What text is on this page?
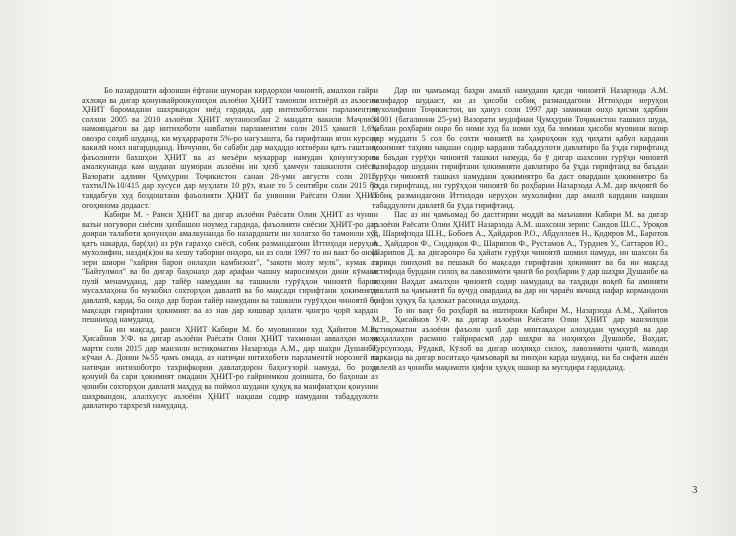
Бо назардошти афзоиши ёфтани шумораи кирдорхои чиноятй, амалхои ғайри ахлоқи ва дигар қонунвайронкуниҳои аъзоёни ҲНИТ тамоюли ихтиёрӣ аз аъзогии ҲНИТ баромадани шахрвандон зиёд гардида, дар интихоботхои парламентии солхои 2005 ва 2010 аъзоёни ҲНИТ мутаносибан 2 мандати вакили Маҷлиси намояндагон ва дар интихоботи навбатии парламентии соли 2015 ҳамагӣ 1,6% овозро соҳиб шуданд, ки муҳаррарoти 5%-ро нагузашта, ба гирифтани ягон курсии вакилӣ ноил нагардиданд. Инчунин, бо сабаби дар маҳаддо ихтиёран қатъ гаштани фаъолияти бахшҳои ҲНИТ ва аз меъёри мукаррар намудан қонунгузории амалкунанда кам шудани шумораи аъзоёни ин ҳизб ҳамчун ташкилоти сиёсӣ, Вазорати адлияи Ҷумҳурии Тоҷикистон санаи 28-уми августи соли 2015, тахтиЛ№10/415 дар хусуси дар муҳлати 10 рӯз, яъне то 5 сентябри соли 2015 бо тавдабгуи худ боздоштани фаъолияти ҲНИТ ба унвонии Раёсати Олии ҲНИТ огоҳинома додааст.

Кабири М. - Раиси ҲНИТ ва дигар аъзоёни Раёсати Олии ҲНИТ аз чунин вазъи ногувори сиёсии ҳизбашон ноумед гардида, фаъолияти сиёсии ҲНИТ-ро дар доираи талаботи қонунҳои амалкунанда бо назардошти ин холатхо бо тамоюли худ қатъ накарда, бар(ҳи) аз рӯи ғаразҳо сиёсӣ, собик размандагони Иттиҳоди неруҳои мухолифин, назди(к)он ва хешу табории онҳоро, ки аз соли 1997 то ин вакт бо онҳо зери шиори "хайрия барои онлаҳои камбизоат", "закоти молу мулк", кумак аз "Байтулмол" ва бо дигар баҳонаҳо дар арафаи чашну маросимҳои дини кӯмаки пулй менамуданд, дар тайёр намудани ва ташкили гурӯҳҳои чиноятӣ барои мусаллаҳона бо мукобил сохторҳои давлатӣ ва бо мақсади гирифтани ҳокимияти давлатӣ, карда, бо онҳо дар бораи тайёр намудани ва ташкили гурӯҳҳои чиноятӣ бо мақсади гирифтани ҳокимият ва аз нав дар кишвар ҳолати ҷангро ҷорӣ кардан пешниҳод намуданд.

Ба ин мақсад, раиси ҲНИТ Кабири М. бо муовинони худ Ҳайитов М.Р., Ҳисайнов У.Ф. ва дигар аъзоёни Раёсати Олии ҲНИТ тахминан аввалҳои моҳи марти соли 2015 дар манзилн истиқоматии Назарзода А.М., дар шаҳри Душанбе, кӯчаи А. Донии №55 ҷамъ омада, аз натиҷаи интихоботи парламентй норозигй ва натиҷаи интихоботро тахрифкории давлатдорон баҳогузорй намуда, бо роҳи қонунй ба сари ҳокимият омадани ҲНИТ-ро ғайриимкон доништа, бо баҳонаи аз ҷониби сохторҳои давлатӣ маҳдуд ва поймол шудани ҳуқуқ ва манфиатҳои қонунии шаҳрвандон, алалхусус аъзоёни ҲНИТ нақшаи содир намудани табаддулоти давлатиро тархрезӣ намуданд.

Дар ин ҷамъомад баҳри амалй намудани қасди чиноятй Назарзода А.М. вазифадор шудааст, ки аз ҳисоби собиқ размандагони Иттиҳоди неруҳои мухолифини Тоҷикистон, ки ҳануз соли 1997 дар замимаи онҳо қисми ҳарбии 31001 (баталиони 25-ум) Вазорати мудофиаи Ҷумҳурии Тоҷикистон ташкил шуда, ҳаблан роҳбарии онро бо номи худ ба номи худ ба зиммаи ҳисоби муовини вазир дар муддати 5 сол бо сохти чиноятӣ ва ҳамроҳони худ ҷиҳати қабул кардани ҳокимият таҳияи нақшаи содир кардани табаддулоти давлатиро ба ӯҳда гирифтанд ва баъдан гурӯҳи чиноятӣ ташкил намуда, ба ӯ дигар шахсони гурӯҳи чиноятӣ вазифадор шудани гирифтани ҳокимияти давлатиро ба ӯҳда гирифтанд ва баъдан гурӯҳи чиноятӣ ташкил намудани ҳокимиятро ба даст овардани ҳокимиятро ба ӯҳда гирифтанд, ин гурӯҳҳои чиноятӣ бо роҳбарии Назарзода А.М. дар якҷоягӣ бо собиқ размандагони Иттиҳоди неруҳои мухолифин дар амалӣ кардани нақшаи табаддулоти давлатӣ ба ӯҳда гирифтанд.

Пас аз ин ҷамъомад бо дастгирии моддӣ ва маънавии Кабири М. ва дигар аъзоёни Раёсати Олии ҲНИТ Назарзода А.М. шахсони зерин: Саидов Ш.С., Уроқов Т., Шарифзода Ш.Н., Бобоев А., Ҳайдаров Р.О., Абдуллоев Н., Қодиров М., Баротов А., Ҳайдаров Ф., Сиддиқов Ф., Шарипов Ф., Рустамов А., Турдиев У., Саттаров Ю., Шарипов Д. ва дигаронро ба ҳайати гурӯҳи чиноятӣ шомил намуда, ин шахсон ба тариқи пинҳонӣ ва пешакӣ бо мақсади гирифтани ҳокимият ва ба ин мақсад истифода бурдани силоҳ ва лавозимоти ҷангӣ бо роҳбарии ӯ дар шаҳри Душанбе ва ноҳияи Ваҳдат амалҳои ҷиноятӣ содир намуданд ва таҳдиди воқеӣ ба амнияти давлатӣ ва ҷамъиятӣ ба вуҷуд оварданд ва дар ин ҷараён якчанд нафар кормандони ҳифзи ҳуқуқ ба ҳалокат расонида шуданд.

То ин вақт бо роҳбарӣ ва иштироки Кабири М., Назарзода А.М., Ҳайитов М.Р., Ҳисайнов У.Ф. ва дигар аъзоёни Раёсати Олии ҲНИТ дар манзилҳои истиқоматии аъзоёни фаъоли ҳизб дар минтақаҳои алоҳидаи ҷумҳурӣ ва дар маҳаллаҳои расмию ғайрирасмӣ дар шаҳри ва ноҳияҳои Душанбе, Вахдат, Турсунзода, Рӯдакӣ, Кӯлоб ва дигар ноҳияҳо силоҳ, лавозимоти ҷангӣ, маводи тарканда ва дигар воситаҳо ҷамъоварӣ ва пинҳон карда шуданд, ки ба сифати ашёи далелӣ аз ҷониби мақомоти ҳифзи ҳуқуқ ошкор ва мусодира гардиданд.

3
